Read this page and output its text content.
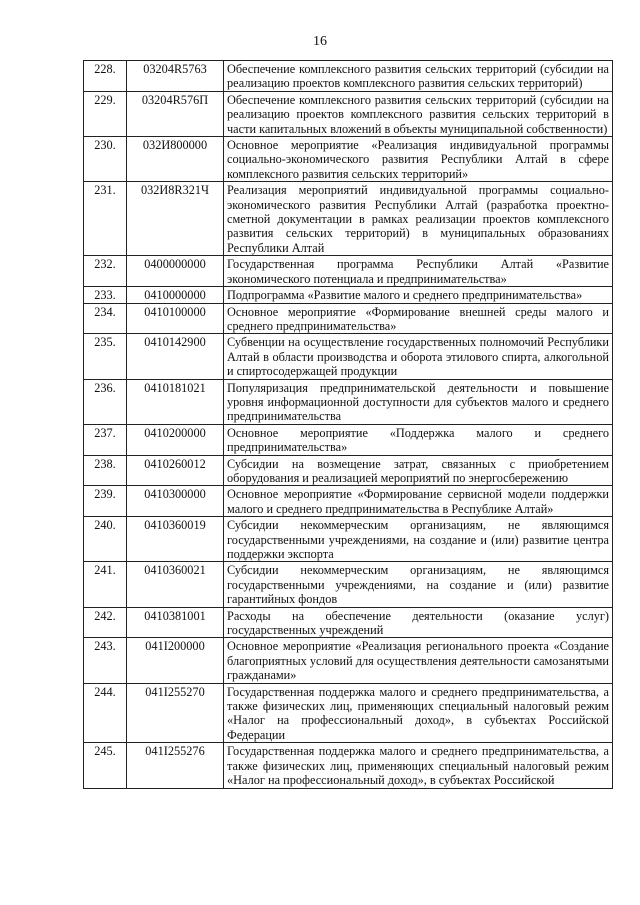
16
228.	03204R5763	Обеспечение комплексного развития сельских территорий (субсидии на реализацию проектов комплексного развития сельских территорий)
229.	03204R576П	Обеспечение комплексного развития сельских территорий (субсидии на реализацию проектов комплексного развития сельских территорий в части капитальных вложений в объекты муниципальной собственности)
230.	032И800000	Основное мероприятие «Реализация индивидуальной программы социально-экономического развития Республики Алтай в сфере комплексного развития сельских территорий»
231.	032И8R321Ч	Реализация мероприятий индивидуальной программы социально-экономического развития Республики Алтай (разработка проектно-сметной документации в рамках реализации проектов комплексного развития сельских территорий) в муниципальных образованиях Республики Алтай
232.	0400000000	Государственная программа Республики Алтай «Развитие экономического потенциала и предпринимательства»
233.	0410000000	Подпрограмма «Развитие малого и среднего предпринимательства»
234.	0410100000	Основное мероприятие «Формирование внешней среды малого и среднего предпринимательства»
235.	0410142900	Субвенции на осуществление государственных полномочий Республики Алтай в области производства и оборота этилового спирта, алкогольной и спиртосодержащей продукции
236.	0410181021	Популяризация предпринимательской деятельности и повышение уровня информационной доступности для субъектов малого и среднего предпринимательства
237.	0410200000	Основное мероприятие «Поддержка малого и среднего предпринимательства»
238.	0410260012	Субсидии на возмещение затрат, связанных с приобретением оборудования и реализацией мероприятий по энергосбережению
239.	0410300000	Основное мероприятие «Формирование сервисной модели поддержки малого и среднего предпринимательства в Республике Алтай»
240.	0410360019	Субсидии некоммерческим организациям, не являющимся государственными учреждениями, на создание и (или) развитие центра поддержки экспорта
241.	0410360021	Субсидии некоммерческим организациям, не являющимся государственными учреждениями, на создание и (или) развитие гарантийных фондов
242.	0410381001	Расходы на обеспечение деятельности (оказание услуг) государственных учреждений
243.	041I200000	Основное мероприятие «Реализация регионального проекта «Создание благоприятных условий для осуществления деятельности самозанятыми гражданами»
244.	041I255270	Государственная поддержка малого и среднего предпринимательства, а также физических лиц, применяющих специальный налоговый режим «Налог на профессиональный доход», в субъектах Российской Федерации
245.	041I255276	Государственная поддержка малого и среднего предпринимательства, а также физических лиц, применяющих специальный налоговый режим «Налог на профессиональный доход», в субъектах Российской
